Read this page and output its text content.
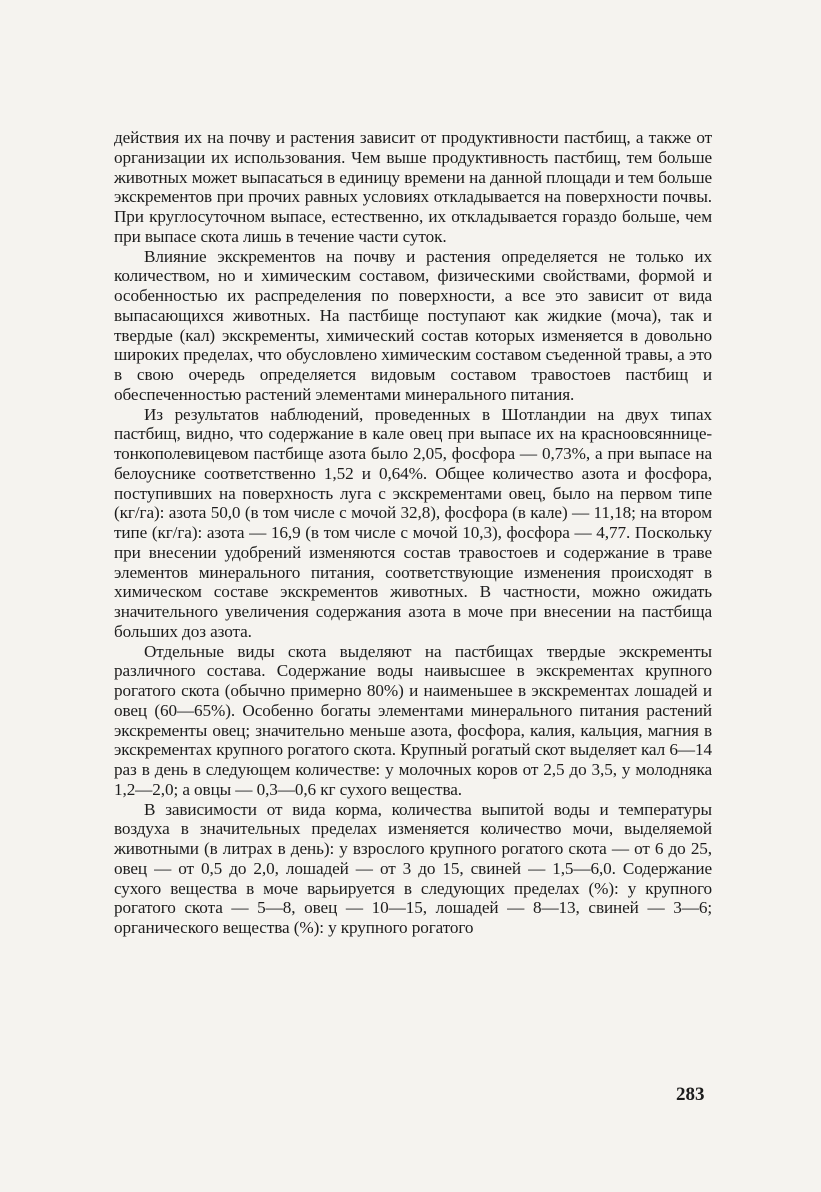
действия их на почву и растения зависит от продуктивности пастбищ, а также от организации их использования. Чем выше продуктивность пастбищ, тем больше животных может выпасаться в единицу времени на данной площади и тем больше экскрементов при прочих равных условиях откладывается на поверхности почвы. При круглосуточном выпасе, естественно, их откладывается гораздо больше, чем при выпасе скота лишь в течение части суток.

Влияние экскрементов на почву и растения определяется не только их количеством, но и химическим составом, физическими свойствами, формой и особенностью их распределения по поверхности, а все это зависит от вида выпасающихся животных. На пастбище поступают как жидкие (моча), так и твердые (кал) экскременты, химический состав которых изменяется в довольно широких пределах, что обусловлено химическим составом съеденной травы, а это в свою очередь определяется видовым составом травостоев пастбищ и обеспеченностью растений элементами минерального питания.

Из результатов наблюдений, проведенных в Шотландии на двух типах пастбищ, видно, что содержание в кале овец при выпасе их на красноовсяннице-тонкополевицевом пастбище азота было 2,05, фосфора — 0,73%, а при выпасе на белоуснике соответственно 1,52 и 0,64%. Общее количество азота и фосфора, поступивших на поверхность луга с экскрементами овец, было на первом типе (кг/га): азота 50,0 (в том числе с мочой 32,8), фосфора (в кале) — 11,18; на втором типе (кг/га): азота — 16,9 (в том числе с мочой 10,3), фосфора — 4,77. Поскольку при внесении удобрений изменяются состав травостоев и содержание в траве элементов минерального питания, соответствующие изменения происходят в химическом составе экскрементов животных. В частности, можно ожидать значительного увеличения содержания азота в моче при внесении на пастбища больших доз азота.

Отдельные виды скота выделяют на пастбищах твердые экскременты различного состава. Содержание воды наивысшее в экскрементах крупного рогатого скота (обычно примерно 80%) и наименьшее в экскрементах лошадей и овец (60—65%). Особенно богаты элементами минерального питания растений экскременты овец; значительно меньше азота, фосфора, калия, кальция, магния в экскрементах крупного рогатого скота. Крупный рогатый скот выделяет кал 6—14 раз в день в следующем количестве: у молочных коров от 2,5 до 3,5, у молодняка 1,2—2,0; а овцы — 0,3—0,6 кг сухого вещества.

В зависимости от вида корма, количества выпитой воды и температуры воздуха в значительных пределах изменяется количество мочи, выделяемой животными (в литрах в день): у взрослого крупного рогатого скота — от 6 до 25, овец — от 0,5 до 2,0, лошадей — от 3 до 15, свиней — 1,5—6,0. Содержание сухого вещества в моче варьируется в следующих пределах (%): у крупного рогатого скота — 5—8, овец — 10—15, лошадей — 8—13, свиней — 3—6; органического вещества (%): у крупного рогатого

283
